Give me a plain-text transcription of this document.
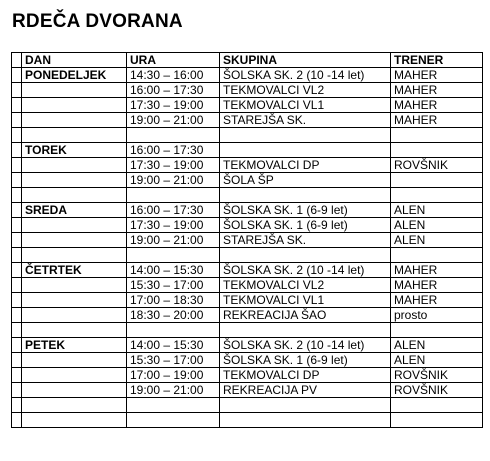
RDEČA DVORANA
	DAN	URA	SKUPINA	TRENER
	PONEDELJEK	14:30 – 16:00	ŠOLSKA SK. 2 (10 -14 let)	MAHER
		16:00 – 17:30	TEKMOVALCI VL2	MAHER
		17:30 – 19:00	TEKMOVALCI VL1	MAHER
		19:00 – 21:00	STAREJŠA SK.	MAHER

	TOREK	16:00 – 17:30		
		17:30 – 19:00	TEKMOVALCI DP	ROVŠNIK
		19:00 – 21:00	ŠOLA ŠP	

	SREDA	16:00 – 17:30	ŠOLSKA SK. 1 (6-9 let)	ALEN
		17:30 – 19:00	ŠOLSKA SK. 1 (6-9 let)	ALEN
		19:00 – 21:00	STAREJŠA SK.	ALEN

	ČETRTEK	14:00 – 15:30	ŠOLSKA SK. 2 (10 -14 let)	MAHER
		15:30 – 17:00	TEKMOVALCI VL2	MAHER
		17:00 – 18:30	TEKMOVALCI VL1	MAHER
		18:30 – 20:00	REKREACIJA ŠAO	prosto

	PETEK	14:00 – 15:30	ŠOLSKA SK. 2 (10 -14 let)	ALEN
		15:30 – 17:00	ŠOLSKA SK. 1 (6-9 let)	ALEN
		17:00 – 19:00	TEKMOVALCI DP	ROVŠNIK
		19:00 – 21:00	REKREACIJA PV	ROVŠNIK
